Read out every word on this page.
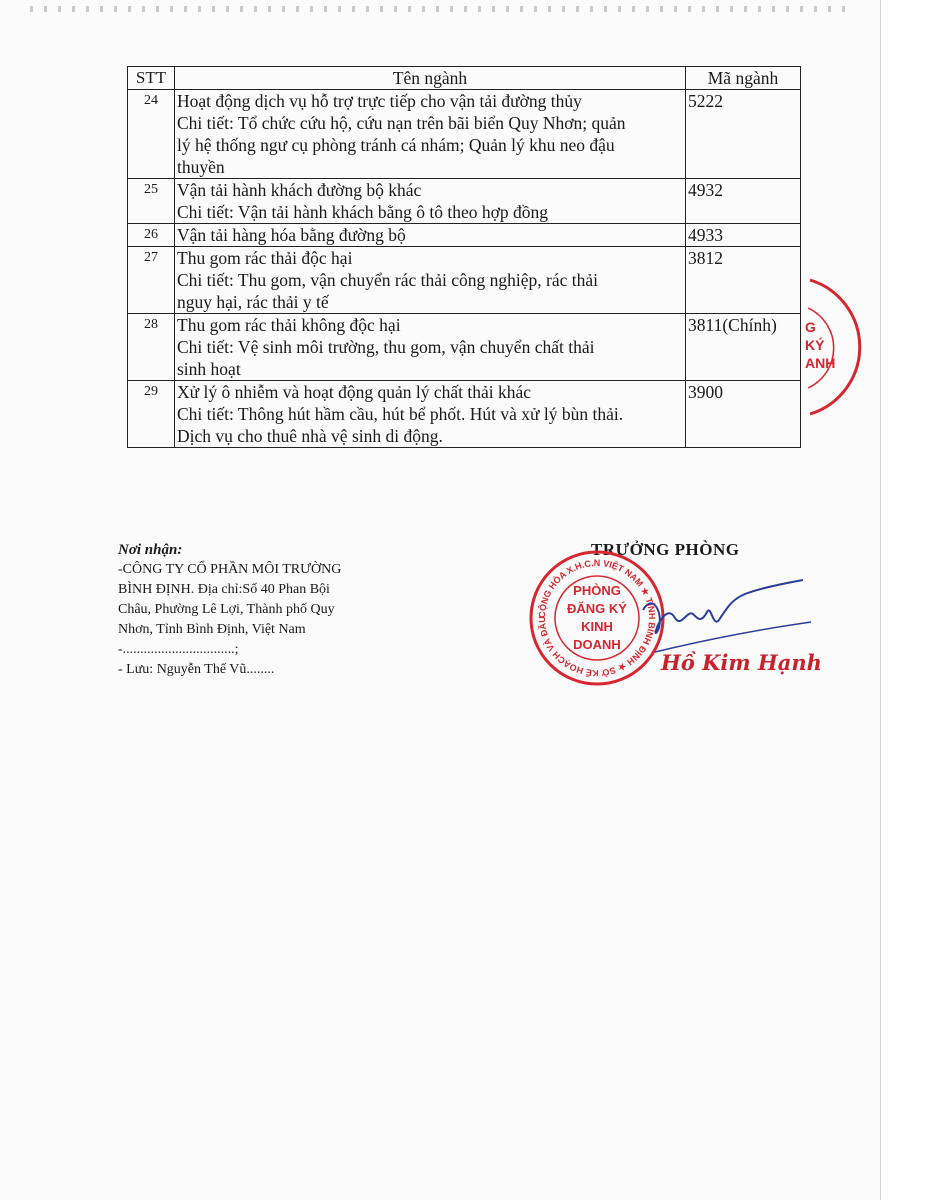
STT	Tên ngành	Mã ngành
24	Hoạt động dịch vụ hỗ trợ trực tiếp cho vận tải đường thủy
Chi tiết: Tổ chức cứu hộ, cứu nạn trên bãi biển Quy Nhơn; quản
lý hệ thống ngư cụ phòng tránh cá nhám; Quản lý khu neo đậu
thuyền	5222
25	Vận tải hành khách đường bộ khác
Chi tiết: Vận tải hành khách bằng ô tô theo hợp đồng	4932
26	Vận tải hàng hóa bằng đường bộ	4933
27	Thu gom rác thải độc hại
Chi tiết: Thu gom, vận chuyển rác thải công nghiệp, rác thải
nguy hại, rác thải y tế	3812
28	Thu gom rác thải không độc hại
Chi tiết: Vệ sinh môi trường, thu gom, vận chuyển chất thải
sinh hoạt	3811(Chính)
29	Xử lý ô nhiễm và hoạt động quản lý chất thải khác
Chi tiết: Thông hút hầm cầu, hút bể phốt. Hút và xử lý bùn thải.
Dịch vụ cho thuê nhà vệ sinh di động.	3900
Nơi nhận:
-CÔNG TY CỔ PHẦN MÔI TRƯỜNG
BÌNH ĐỊNH. Địa chỉ:Số 40 Phan Bội
Châu, Phường Lê Lợi, Thành phố Quy
Nhơn, Tỉnh Bình Định, Việt Nam
-................................;
- Lưu: Nguyễn Thế Vũ........
TRƯỞNG PHÒNG
CỘNG HÒA X.H.C.N VIỆT NAM ★ TỈNH BÌNH ĐỊNH ★ SỞ KẾ HOẠCH VÀ ĐẦU
PHÒNG
ĐĂNG KÝ
KINH DOANH
Hồ Kim Hạnh
G
KÝ
ANH
